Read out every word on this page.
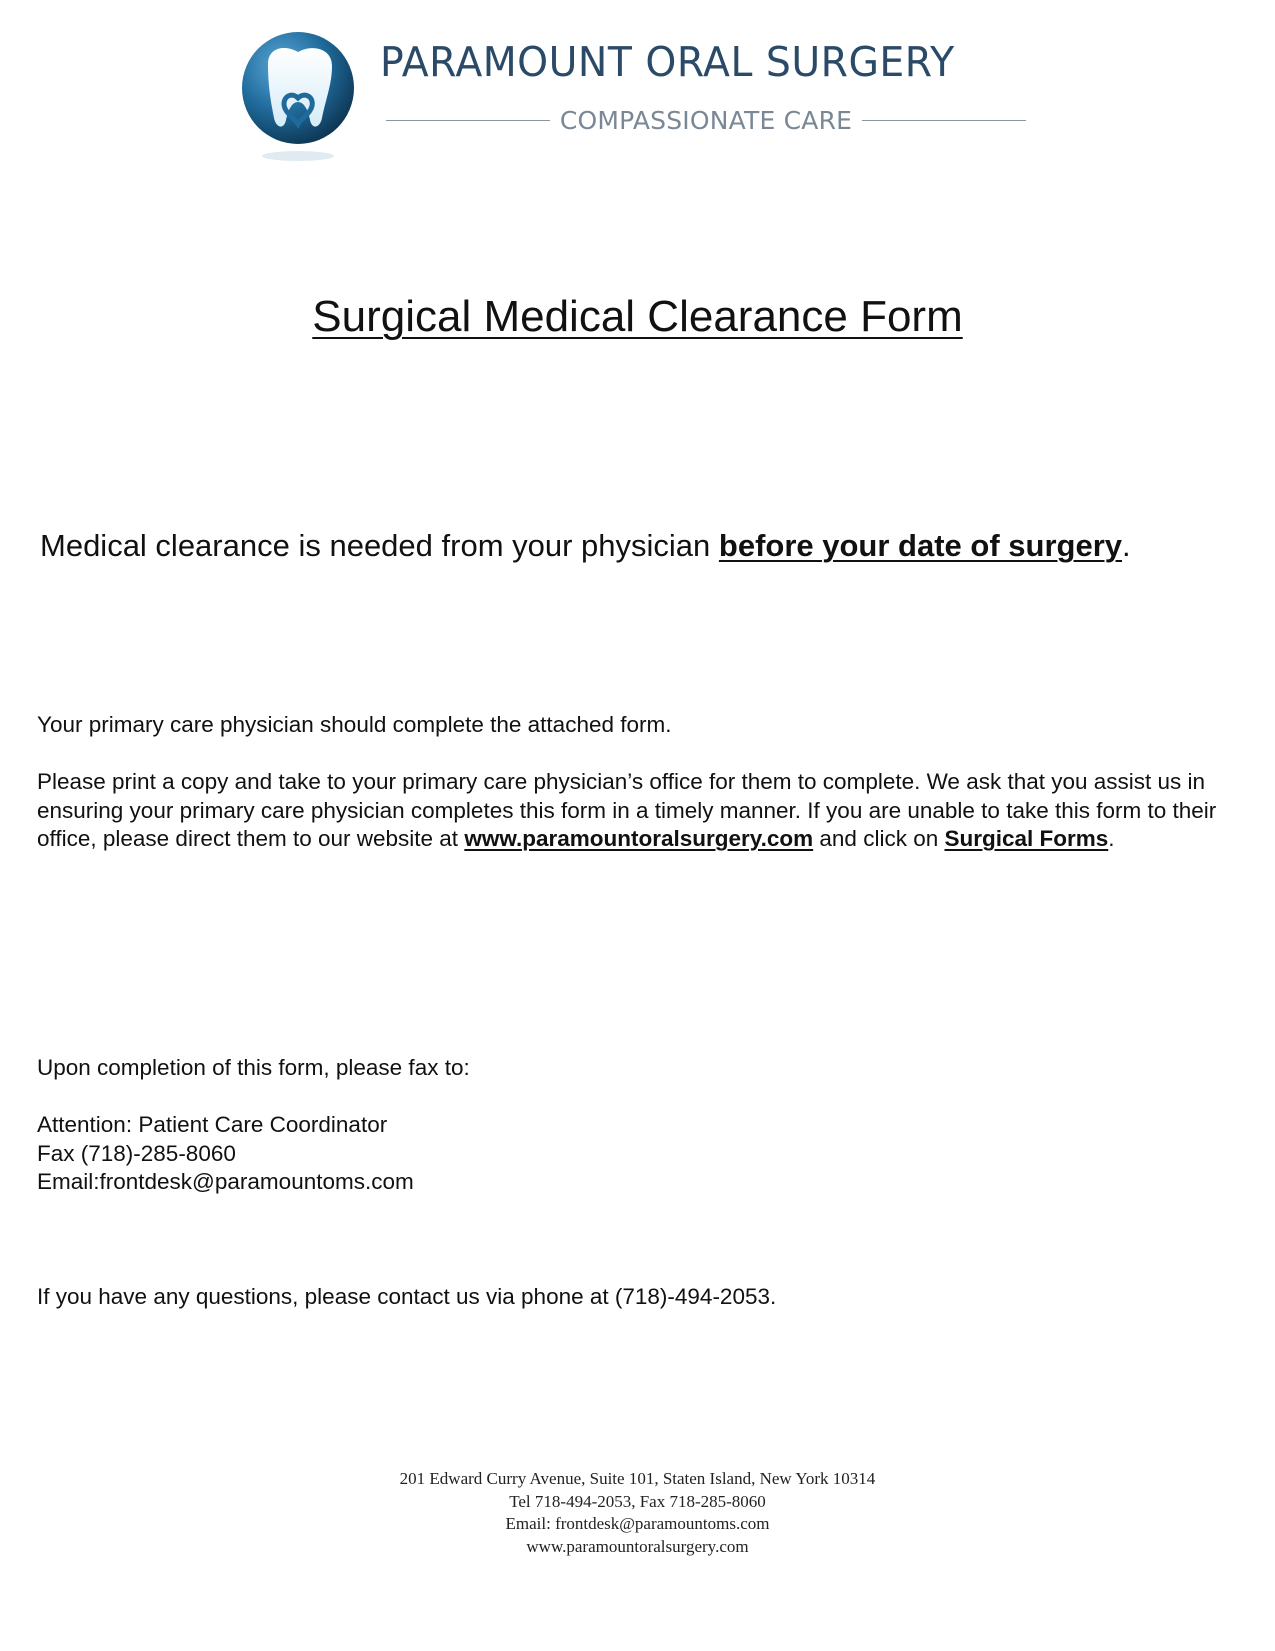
PARAMOUNT ORAL SURGERY
COMPASSIONATE CARE
Surgical Medical Clearance Form

Medical clearance is needed from your physician before your date of surgery.

Your primary care physician should complete the attached form.

Please print a copy and take to your primary care physician’s office for them to complete. We ask that you assist us in ensuring your primary care physician completes this form in a timely manner. If you are unable to take this form to their office, please direct them to our website at www.paramountoralsurgery.com and click on Surgical Forms.

Upon completion of this form, please fax to:

Attention: Patient Care Coordinator
Fax (718)-285-8060
Email:frontdesk@paramountoms.com

If you have any questions, please contact us via phone at (718)-494-2053.

201 Edward Curry Avenue, Suite 101, Staten Island, New York 10314
Tel 718-494-2053, Fax 718-285-8060
Email: frontdesk@paramountoms.com
www.paramountoralsurgery.com
